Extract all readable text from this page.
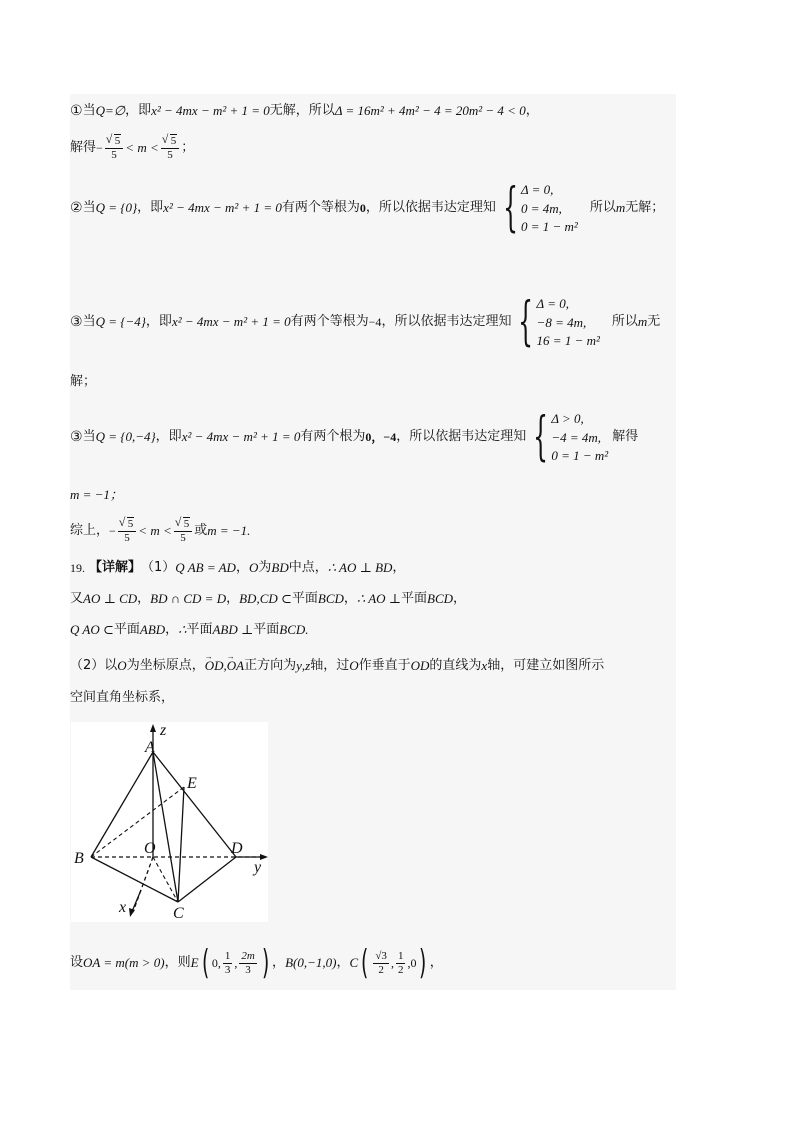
① 当 Q=∅ ，即 x² − 4mx − m² + 1 = 0 无解，所以 Δ = 16m² + 4m² − 4 = 20m² − 4 < 0 ，
解得 − √ $\frac{5}{5} < m$ < √ $\frac{5}{5}$ ；
② 当 Q = {0} ，即 x² − 4mx − m² + 1 = 0 有两个等根为 0 ，所以依据韦达定理知 { Δ = 0,
0 = 4m,
0 = 1 − m²
所以 m 无解；
③ 当 Q = {−4} ，即 x² − 4mx − m² + 1 = 0 有两个等根为 −4 ，所以依据韦达定理知 { Δ = 0,
−8 = 4m,
16 = 1 − m²
所以 m 无
解；
③ 当 Q = {0,−4} ，即 x² − 4mx − m² + 1 = 0 有两个根为 0，−4 ，所以依据韦达定理知 { Δ > 0,
−4 = 4m,
0 = 1 − m²
解得
m = −1；
综上， − √ $\frac{5}{5} < m$ < √ $\frac{5}{5}$ 或 m = −1.
19. 【详解】 （1） Q AB = AD ， O 为 BD 中点， ∴ AO ⊥ BD ，
又 AO ⊥ CD ， BD ∩ CD = D ， BD,CD ⊂ 平面 BCD ， ∴ AO ⊥ 平面 BCD ，
Q AO ⊂ 平面 ABD ， ∴ 平面 ABD ⊥ 平面 BCD.
（2） 以 O 为坐标原点， → OD , → OA 正方向为 y , z 轴，过 O 作垂直于 OD 的直线为 x 轴，可建立如图所示
空间直角坐标系，
A
z
E
B
O	D
y
x	C
设 OA = m(m > 0) ，则 E ( 0, $\frac{1}{3}$ , $\frac{2m}{3}$ ) ， B(0,−1,0) ， C ( $\frac{√3}{2}$ , $\frac{1}{2} ,0$ ) ，
